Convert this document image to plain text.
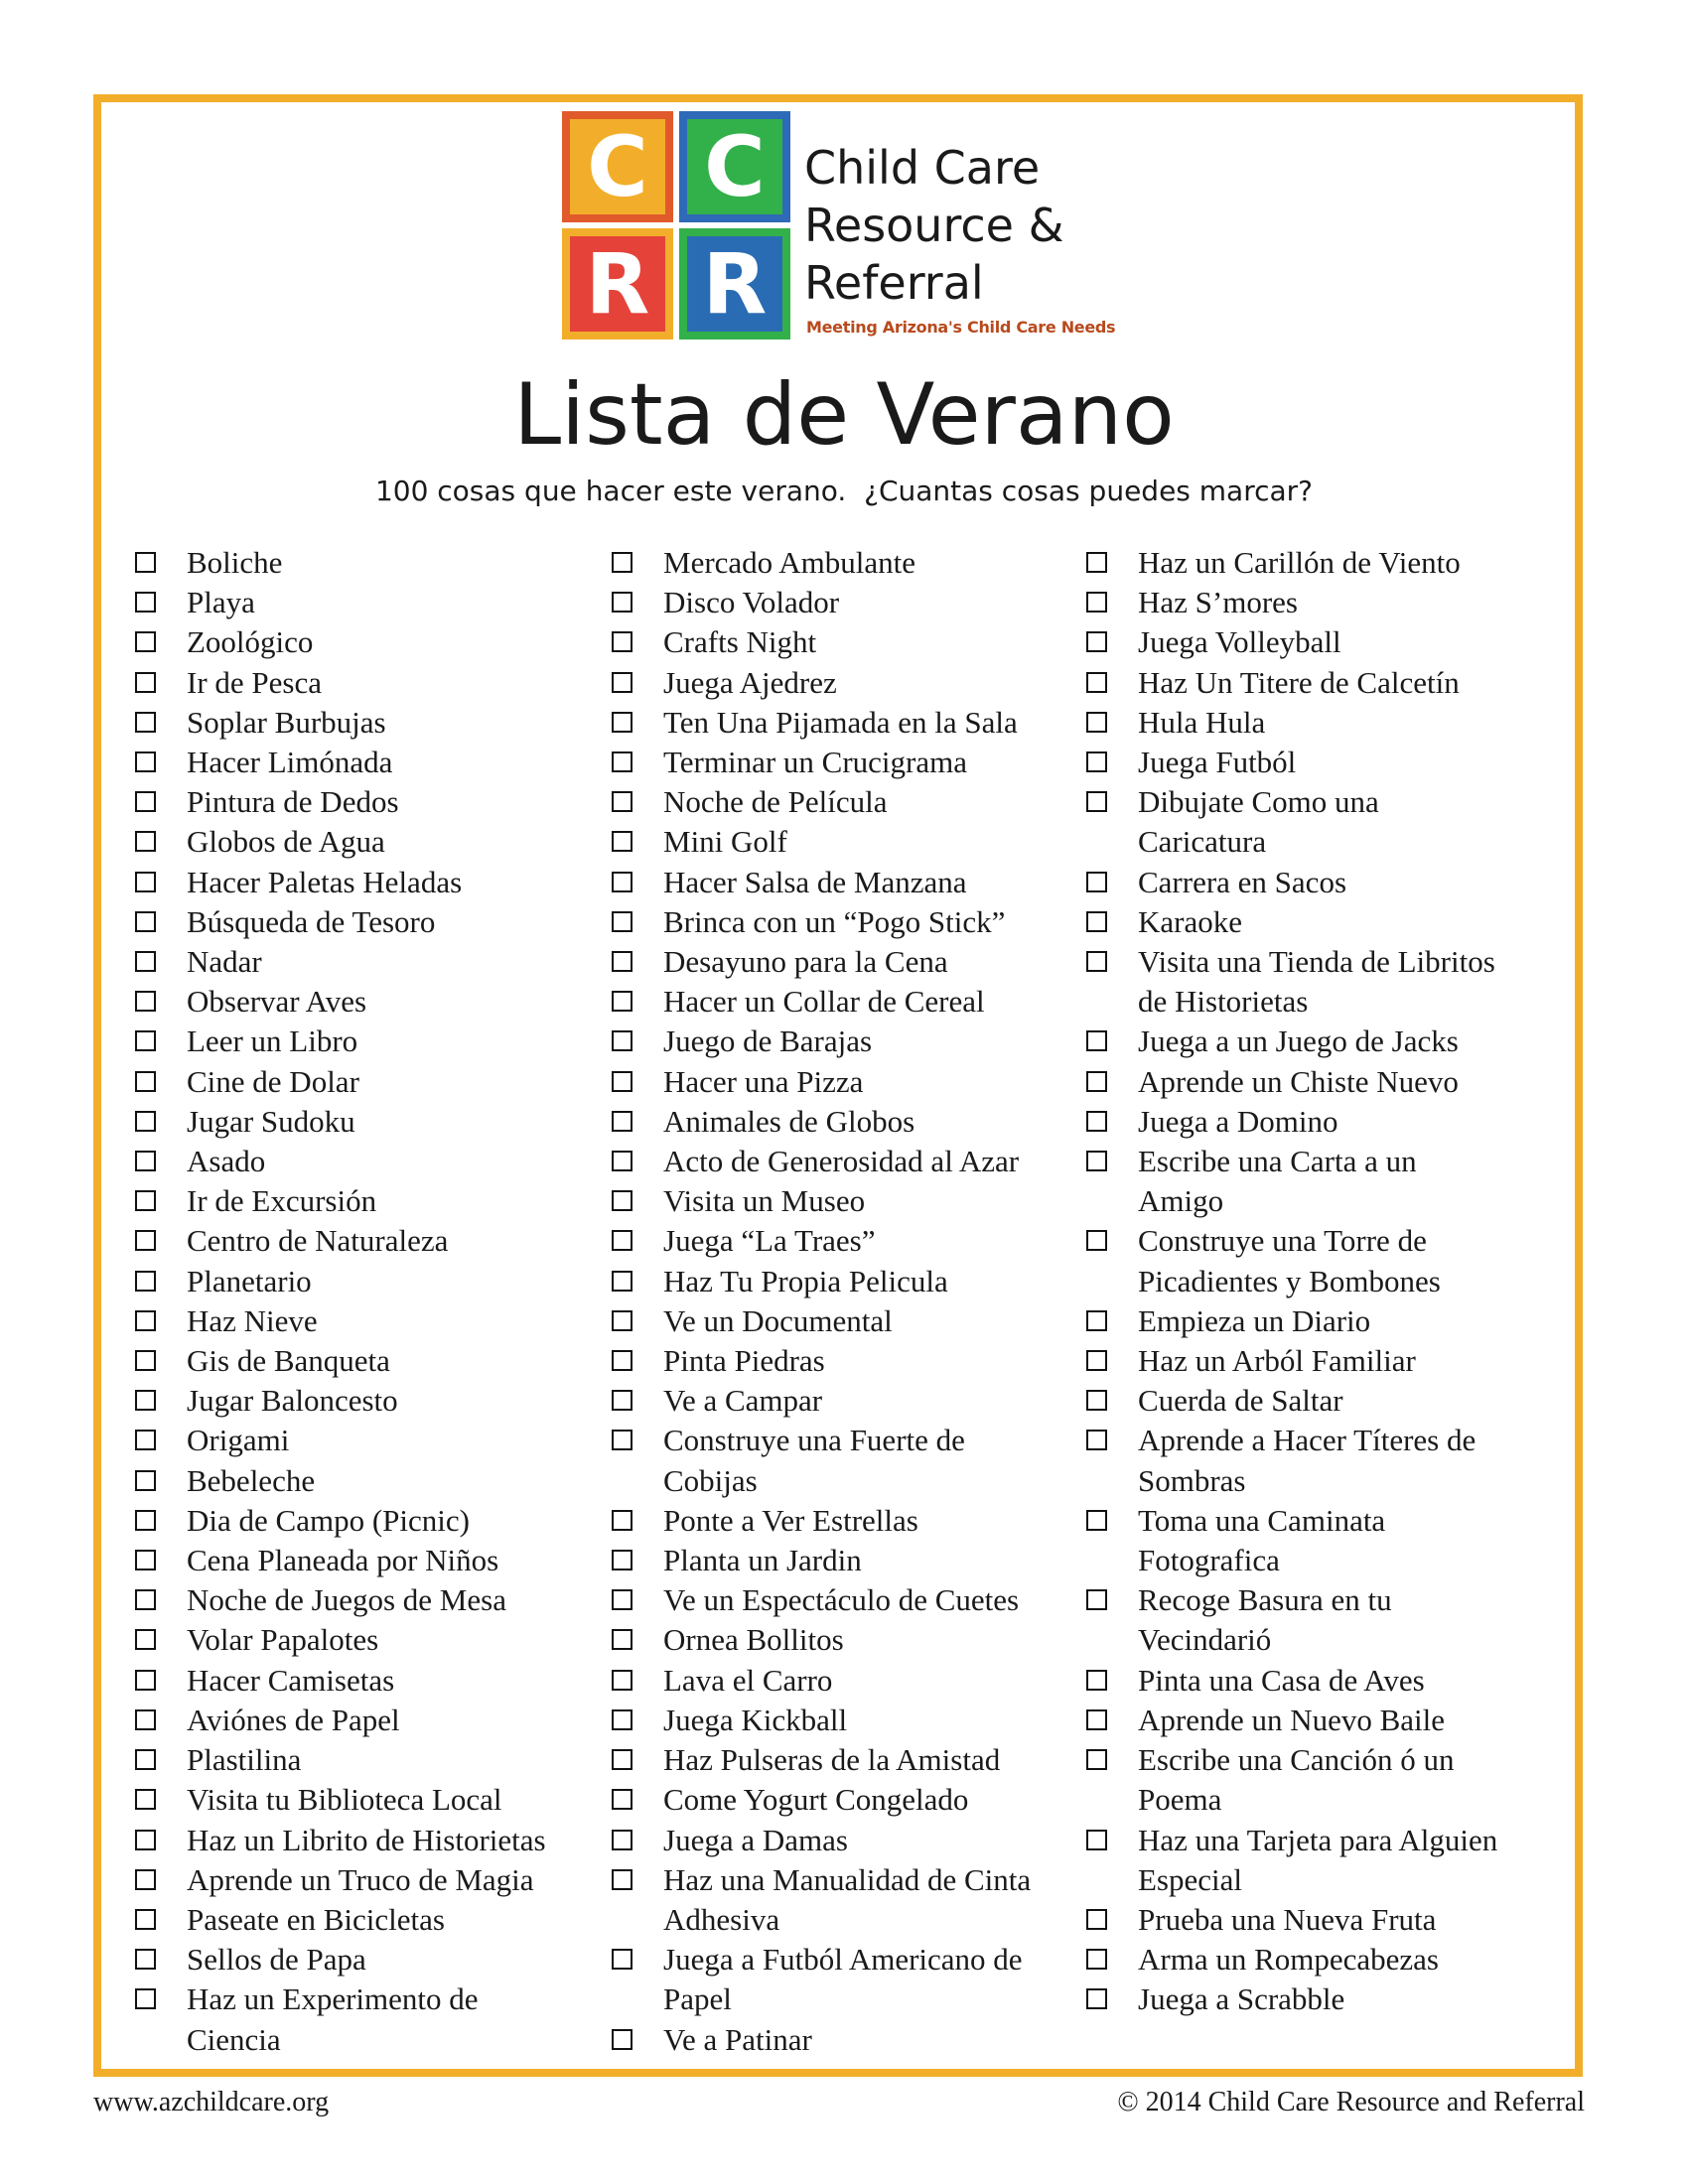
C C
R R
Child Care
Resource &
Referral
Meeting Arizona's Child Care Needs
Lista de Verano
100 cosas que hacer este verano.  ¿Cuantas cosas puedes marcar?
Boliche
Playa
Zoológico
Ir de Pesca
Soplar Burbujas
Hacer Limónada
Pintura de Dedos
Globos de Agua
Hacer Paletas Heladas
Búsqueda de Tesoro
Nadar
Observar Aves
Leer un Libro
Cine de Dolar
Jugar Sudoku
Asado
Ir de Excursión
Centro de Naturaleza
Planetario
Haz Nieve
Gis de Banqueta
Jugar Baloncesto
Origami
Bebeleche
Dia de Campo (Picnic)
Cena Planeada por Niños
Noche de Juegos de Mesa
Volar Papalotes
Hacer Camisetas
Aviónes de Papel
Plastilina
Visita tu Biblioteca Local
Haz un Librito de Historietas
Aprende un Truco de Magia
Paseate en Bicicletas
Sellos de Papa
Haz un Experimento de
Ciencia
Mercado Ambulante
Disco Volador
Crafts Night
Juega Ajedrez
Ten Una Pijamada en la Sala
Terminar un Crucigrama
Noche de Película
Mini Golf
Hacer Salsa de Manzana
Brinca con un “Pogo Stick”
Desayuno para la Cena
Hacer un Collar de Cereal
Juego de Barajas
Hacer una Pizza
Animales de Globos
Acto de Generosidad al Azar
Visita un Museo
Juega “La Traes”
Haz Tu Propia Pelicula
Ve un Documental
Pinta Piedras
Ve a Campar
Construye una Fuerte de
Cobijas
Ponte a Ver Estrellas
Planta un Jardin
Ve un Espectáculo de Cuetes
Ornea Bollitos
Lava el Carro
Juega Kickball
Haz Pulseras de la Amistad
Come Yogurt Congelado
Juega a Damas
Haz una Manualidad de Cinta
Adhesiva
Juega a Futból Americano de
Papel
Ve a Patinar
Haz un Carillón de Viento
Haz S’mores
Juega Volleyball
Haz Un Titere de Calcetín
Hula Hula
Juega Futból
Dibujate Como una
Caricatura
Carrera en Sacos
Karaoke
Visita una Tienda de Libritos
de Historietas
Juega a un Juego de Jacks
Aprende un Chiste Nuevo
Juega a Domino
Escribe una Carta a un
Amigo
Construye una Torre de
Picadientes y Bombones
Empieza un Diario
Haz un Arból Familiar
Cuerda de Saltar
Aprende a Hacer Títeres de
Sombras
Toma una Caminata
Fotografica
Recoge Basura en tu
Vecindarió
Pinta una Casa de Aves
Aprende un Nuevo Baile
Escribe una Canción ó un
Poema
Haz una Tarjeta para Alguien
Especial
Prueba una Nueva Fruta
Arma un Rompecabezas
Juega a Scrabble
www.azchildcare.org	© 2014 Child Care Resource and Referral
